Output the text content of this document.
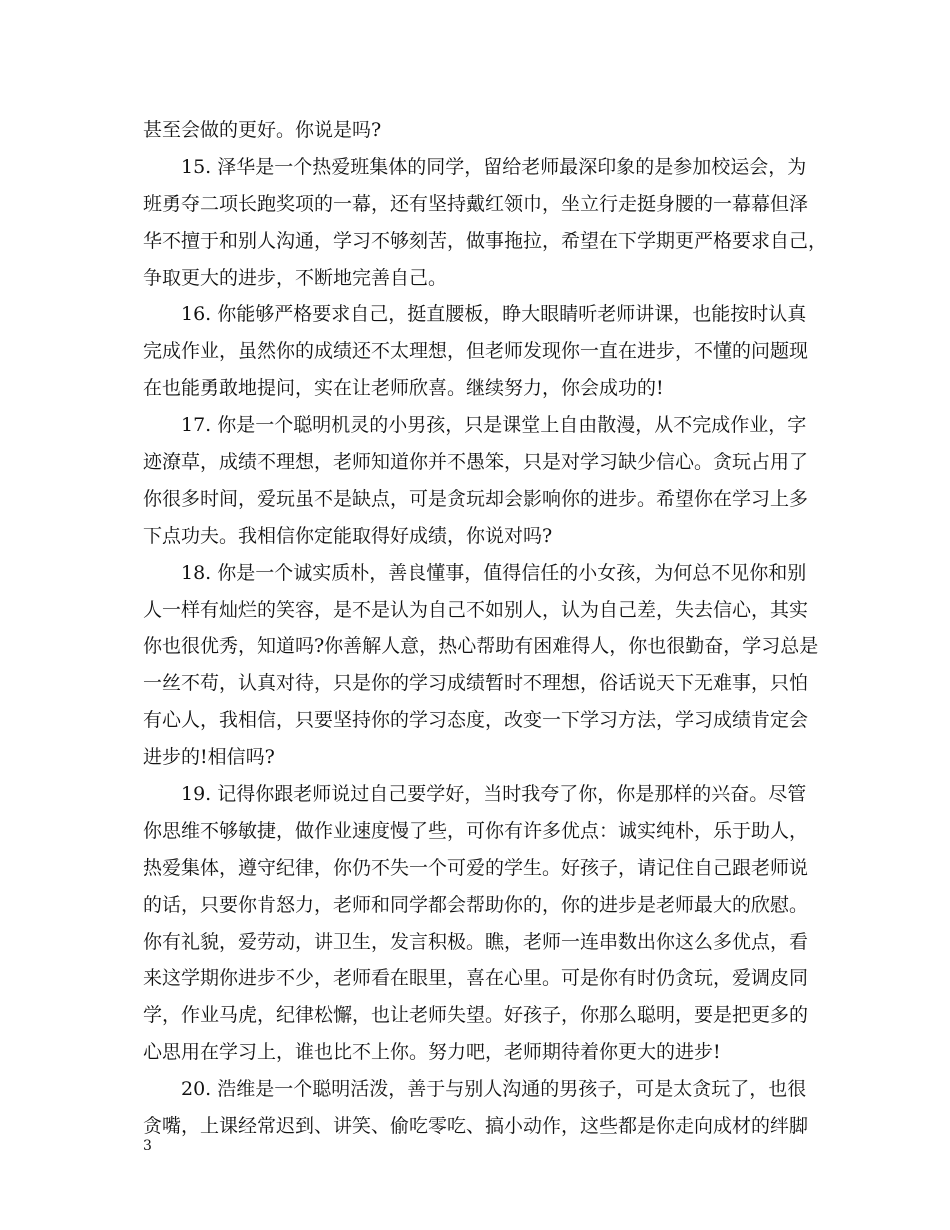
甚至会做的更好。你说是吗?

15. 泽华是一个热爱班集体的同学，留给老师最深印象的是参加校运会，为
班勇夺二项长跑奖项的一幕，还有坚持戴红领巾，坐立行走挺身腰的一幕幕但泽
华不擅于和别人沟通，学习不够刻苦，做事拖拉，希望在下学期更严格要求自己，
争取更大的进步，不断地完善自己。

16. 你能够严格要求自己，挺直腰板，睁大眼睛听老师讲课，也能按时认真
完成作业，虽然你的成绩还不太理想，但老师发现你一直在进步，不懂的问题现
在也能勇敢地提问，实在让老师欣喜。继续努力，你会成功的!

17. 你是一个聪明机灵的小男孩，只是课堂上自由散漫，从不完成作业，字
迹潦草，成绩不理想，老师知道你并不愚笨，只是对学习缺少信心。贪玩占用了
你很多时间，爱玩虽不是缺点，可是贪玩却会影响你的进步。希望你在学习上多
下点功夫。我相信你定能取得好成绩，你说对吗?

18. 你是一个诚实质朴，善良懂事，值得信任的小女孩，为何总不见你和别
人一样有灿烂的笑容，是不是认为自己不如别人，认为自己差，失去信心，其实
你也很优秀，知道吗?你善解人意，热心帮助有困难得人，你也很勤奋，学习总是
一丝不苟，认真对待，只是你的学习成绩暂时不理想，俗话说天下无难事，只怕
有心人，我相信，只要坚持你的学习态度，改变一下学习方法，学习成绩肯定会
进步的!相信吗?

19. 记得你跟老师说过自己要学好，当时我夸了你，你是那样的兴奋。尽管
你思维不够敏捷，做作业速度慢了些，可你有许多优点：诚实纯朴，乐于助人，
热爱集体，遵守纪律，你仍不失一个可爱的学生。好孩子，请记住自己跟老师说
的话，只要你肯怒力，老师和同学都会帮助你的，你的进步是老师最大的欣慰。
你有礼貌，爱劳动，讲卫生，发言积极。瞧，老师一连串数出你这么多优点，看
来这学期你进步不少，老师看在眼里，喜在心里。可是你有时仍贪玩，爱调皮同
学，作业马虎，纪律松懈，也让老师失望。好孩子，你那么聪明，要是把更多的
心思用在学习上，谁也比不上你。努力吧，老师期待着你更大的进步!

20. 浩维是一个聪明活泼，善于与别人沟通的男孩子，可是太贪玩了，也很
贪嘴，上课经常迟到、讲笑、偷吃零吃、搞小动作，这些都是你走向成材的绊脚

3
